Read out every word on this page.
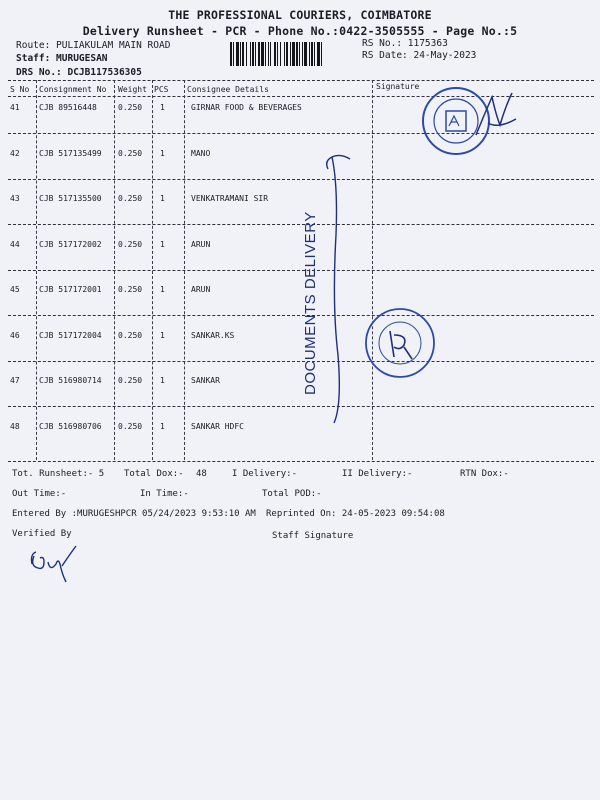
THE PROFESSIONAL COURIERS, COIMBATORE
Delivery Runsheet - PCR - Phone No.:0422-3505555 - Page No.:5
Route: PULIAKULAM MAIN ROAD
Staff: MURUGESAN
DRS No.: DCJB117536305
RS No.: 1175363
RS Date: 24-May-2023
S No Consignment No Weight PCS Consignee Details	Signature
41 CJB 89516448	0.250 1	GIRNAR FOOD & BEVERAGES
42 CJB 517135499 0.250 1	MANO
43 CJB 517135500 0.250 1	VENKATRAMANI SIR
44 CJB 517172002 0.250 1	ARUN
45 CJB 517172001 0.250 1	ARUN
46 CJB 517172004 0.250 1	SANKAR.KS
47 CJB 516980714 0.250 1	SANKAR
48 CJB 516980706 0.250 1	SANKAR HDFC
DOCUMENTS DELIVERY
Tot. Runsheet:- 5 Total Dox:- 48	I Delivery:-	II Delivery:-	RTN Dox:-
Out Time:-	In Time:-	Total POD:-
Entered By :MURUGESHPCR 05/24/2023 9:53:10 AM Reprinted On: 24-05-2023 09:54:08
Verified By	Staff Signature
